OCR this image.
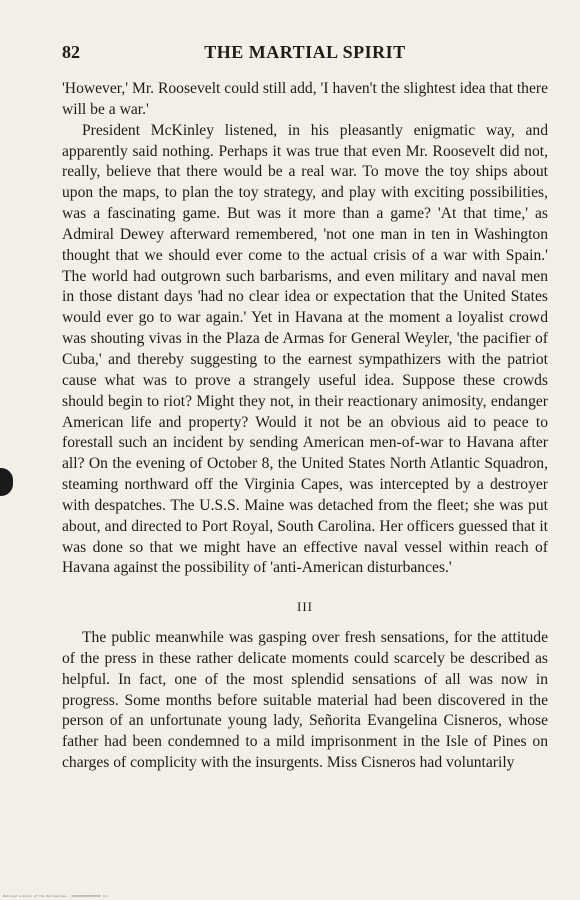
82	THE MARTIAL SPIRIT

'However,' Mr. Roosevelt could still add, 'I haven't the slightest idea that there will be a war.'

President McKinley listened, in his pleasantly enigmatic way, and apparently said nothing. Perhaps it was true that even Mr. Roosevelt did not, really, believe that there would be a real war. To move the toy ships about upon the maps, to plan the toy strategy, and play with exciting possibilities, was a fascinating game. But was it more than a game? 'At that time,' as Admiral Dewey afterward remembered, 'not one man in ten in Washington thought that we should ever come to the actual crisis of a war with Spain.' The world had outgrown such barbarisms, and even military and naval men in those distant days 'had no clear idea or expectation that the United States would ever go to war again.' Yet in Havana at the moment a loyalist crowd was shouting vivas in the Plaza de Armas for General Weyler, 'the pacifier of Cuba,' and thereby suggesting to the earnest sympathizers with the patriot cause what was to prove a strangely useful idea. Suppose these crowds should begin to riot? Might they not, in their reactionary animosity, endanger American life and property? Would it not be an obvious aid to peace to forestall such an incident by sending American men-of-war to Havana after all? On the evening of October 8, the United States North Atlantic Squadron, steaming northward off the Virginia Capes, was intercepted by a destroyer with despatches. The U.S.S. Maine was detached from the fleet; she was put about, and directed to Port Royal, South Carolina. Her officers guessed that it was done so that we might have an effective naval vessel within reach of Havana against the possibility of 'anti-American disturbances.'

III

The public meanwhile was gasping over fresh sensations, for the attitude of the press in these rather delicate moments could scarcely be described as helpful. In fact, one of the most splendid sensations of all was now in progress. Some months before suitable material had been discovered in the person of an unfortunate young lady, Señorita Evangelina Cisneros, whose father had been condemned to a mild imprisonment in the Isle of Pines on charges of complicity with the insurgents. Miss Cisneros had voluntarily

National Library of the Philippines · 0250000000000000 (1)
